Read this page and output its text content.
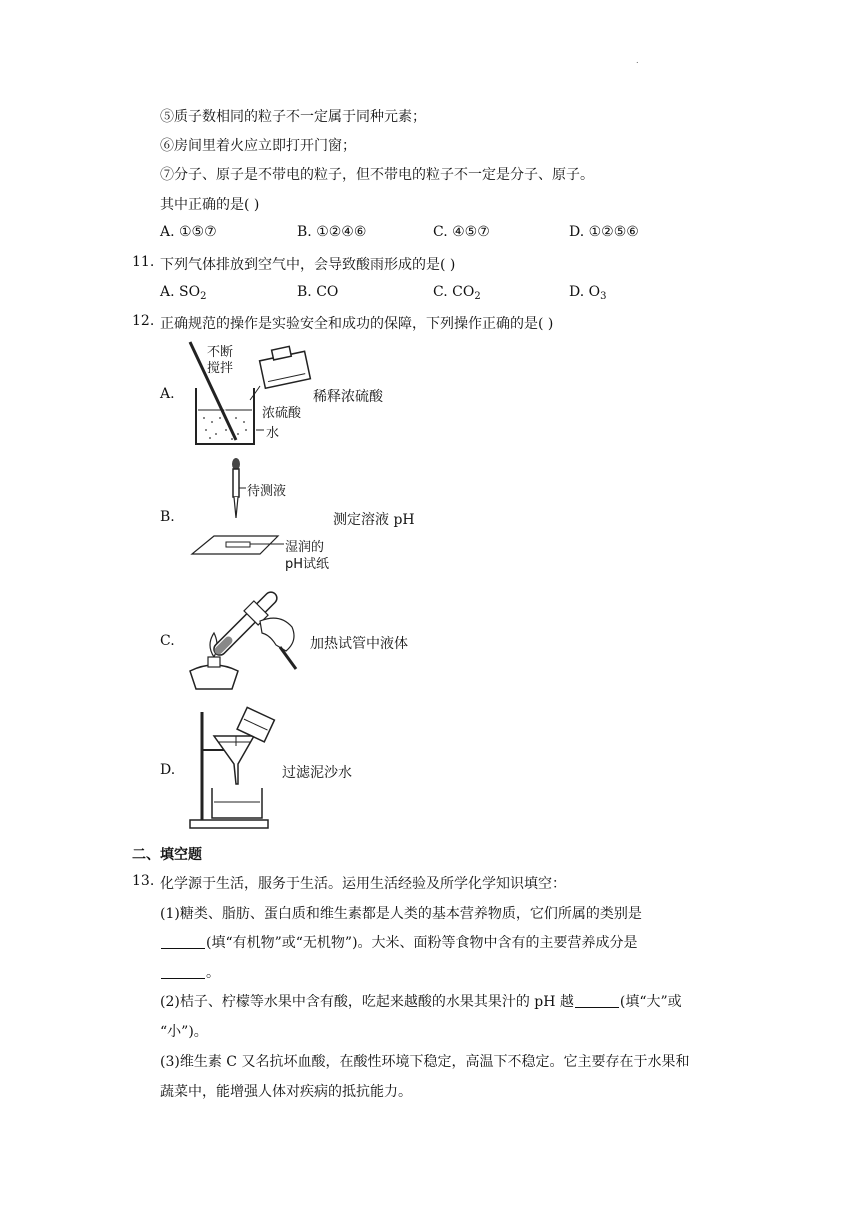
.
⑤质子数相同的粒子不一定属于同种元素；
⑥房间里着火应立即打开门窗；
⑦分子、原子是不带电的粒子，但不带电的粒子不一定是分子、原子。
其中正确的是( )
A. ①⑤⑦	B. ①②④⑥	C. ④⑤⑦	D. ①②⑤⑥
11. 下列气体排放到空气中，会导致酸雨形成的是( )
A. $SO_2$	B. CO	C. $CO_2$	D. $O_3$
12. 正确规范的操作是实验安全和成功的保障，下列操作正确的是( )
A.
不断
搅拌
浓硫酸
水
稀释浓硫酸
B.
待测液
湿润的
pH试纸
测定溶液 pH
C.	加热试管中液体
D.	过滤泥沙水
二、填空题
13. 化学源于生活，服务于生活。运用生活经验及所学化学知识填空：
(1)糖类、脂肪、蛋白质和维生素都是人类的基本营养物质，它们所属的类别是
(填“有机物”或“无机物”)。大米、面粉等食物中含有的主要营养成分是
。
(2)桔子、柠檬等水果中含有酸，吃起来越酸的水果其果汁的 pH 越	(填“大”或
“小”)。
(3)维生素 C 又名抗坏血酸，在酸性环境下稳定，高温下不稳定。它主要存在于水果和
蔬菜中，能增强人体对疾病的抵抗能力。
